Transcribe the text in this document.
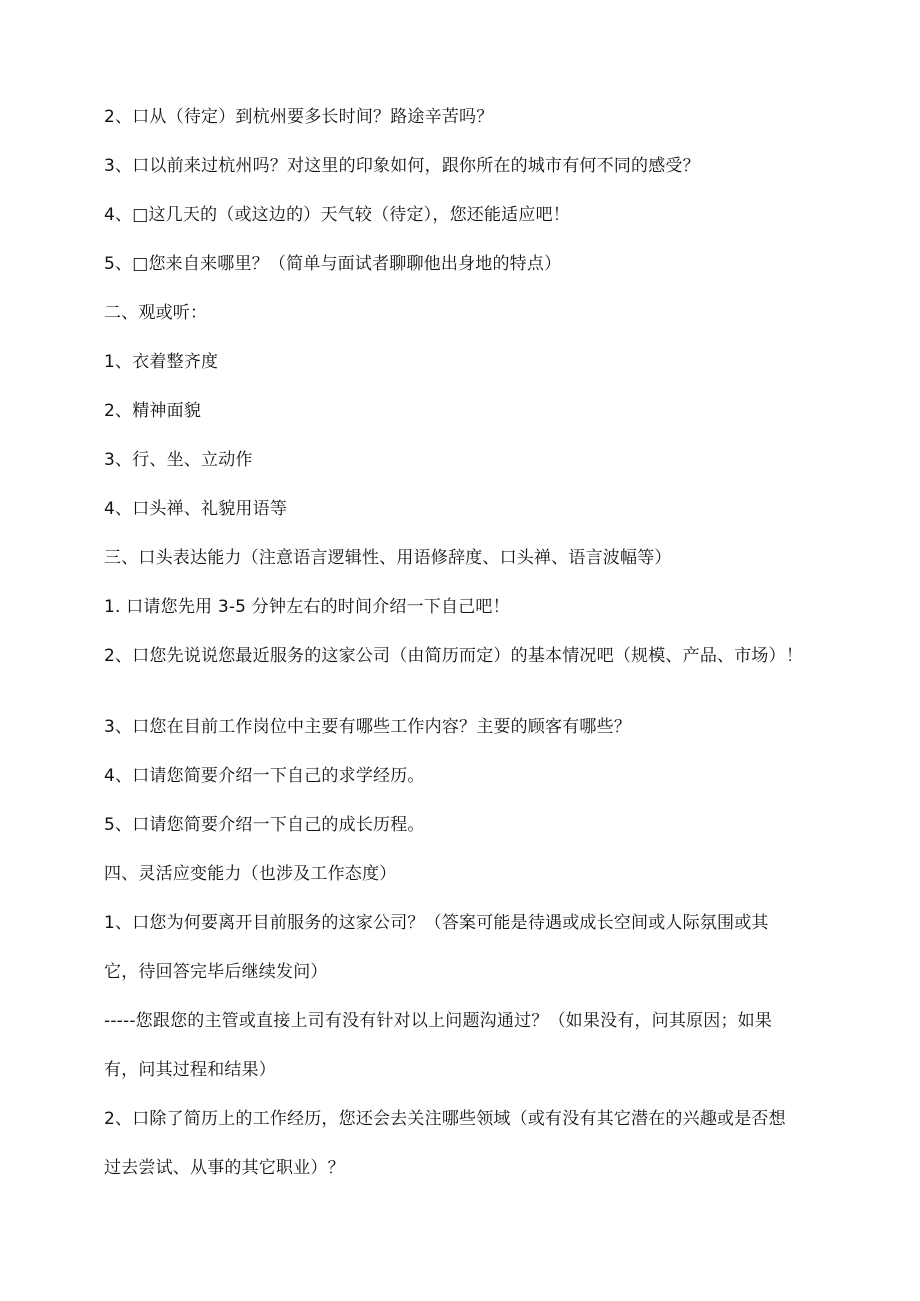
2、口从（待定）到杭州要多长时间？路途辛苦吗？
3、口以前来过杭州吗？对这里的印象如何，跟你所在的城市有何不同的感受？
4、□这几天的（或这边的）天气较（待定），您还能适应吧！
5、□您来自来哪里？（简单与面试者聊聊他出身地的特点）
二、观或听：
1、衣着整齐度
2、精神面貌
3、行、坐、立动作
4、口头禅、礼貌用语等
三、口头表达能力（注意语言逻辑性、用语修辞度、口头禅、语言波幅等）
1. 口请您先用 3-5 分钟左右的时间介绍一下自己吧！
2、口您先说说您最近服务的这家公司（由简历而定）的基本情况吧（规模、产品、市场）！
3、口您在目前工作岗位中主要有哪些工作内容？主要的顾客有哪些？
4、口请您简要介绍一下自己的求学经历。
5、口请您简要介绍一下自己的成长历程。
四、灵活应变能力（也涉及工作态度）
1、口您为何要离开目前服务的这家公司？（答案可能是待遇或成长空间或人际氛围或其
它，待回答完毕后继续发问）
-----您跟您的主管或直接上司有没有针对以上问题沟通过？（如果没有，问其原因；如果
有，问其过程和结果）
2、口除了简历上的工作经历，您还会去关注哪些领域（或有没有其它潜在的兴趣或是否想
过去尝试、从事的其它职业）？
